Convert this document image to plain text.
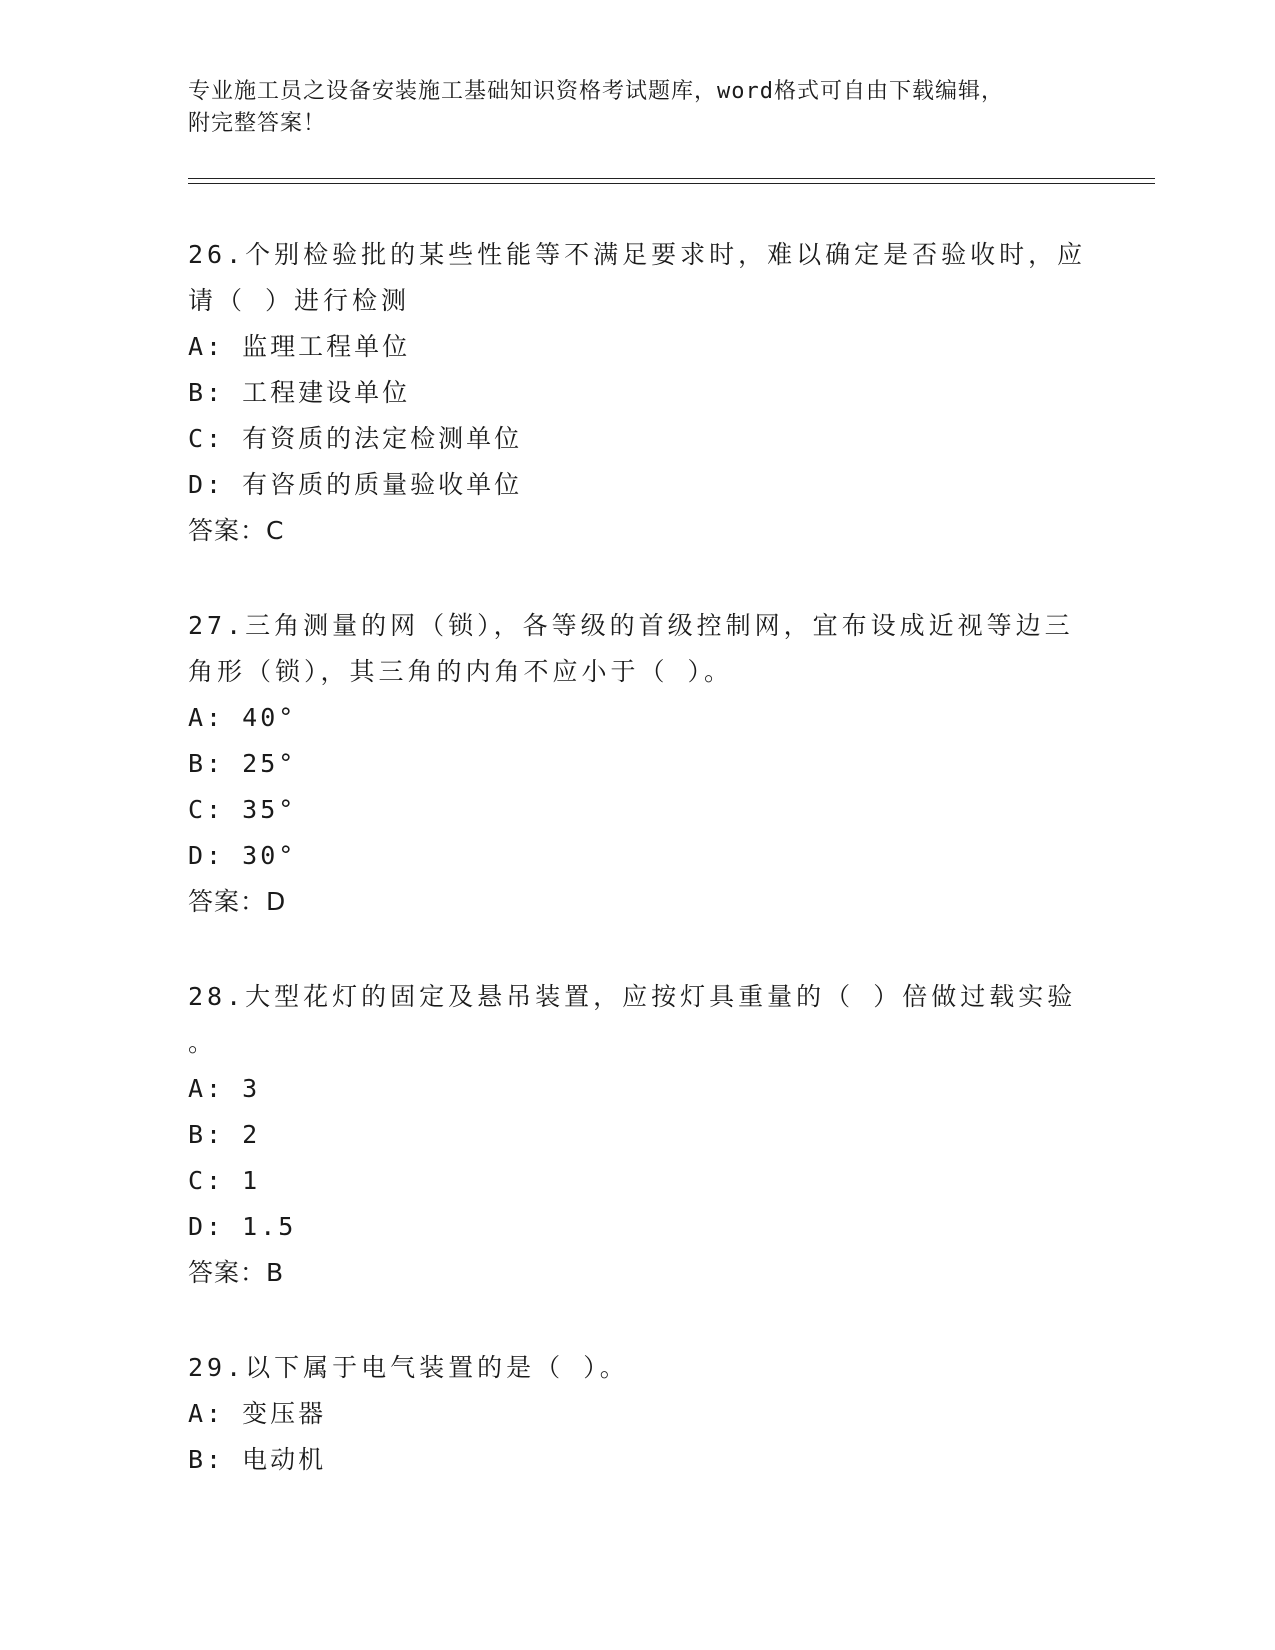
专业施工员之设备安装施工基础知识资格考试题库，word格式可自由下载编辑，
附完整答案！
26.个别检验批的某些性能等不满足要求时，难以确定是否验收时，应
请（ ）进行检测
A: 监理工程单位
B: 工程建设单位
C: 有资质的法定检测单位
D: 有咨质的质量验收单位
答案：C
27.三角测量的网（锁），各等级的首级控制网，宜布设成近视等边三
角形（锁），其三角的内角不应小于（ ）。
A: 40°
B: 25°
C: 35°
D: 30°
答案：D
28.大型花灯的固定及悬吊装置，应按灯具重量的（ ）倍做过载实验
。
A: 3
B: 2
C: 1
D: 1.5
答案：B
29.以下属于电气装置的是（ ）。
A: 变压器
B: 电动机
